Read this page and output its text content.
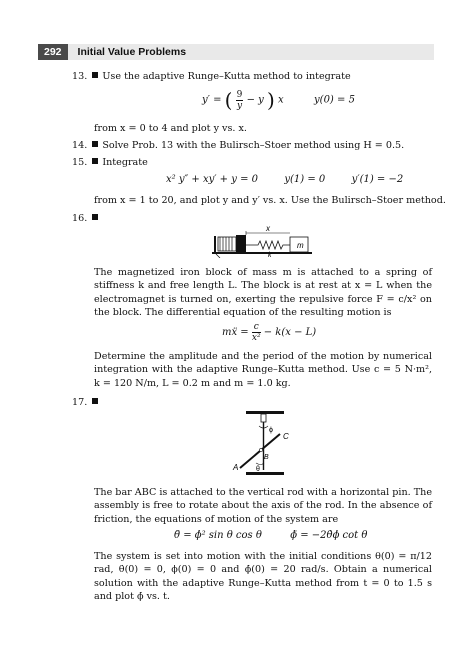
292	Initial Value Problems
13. Use the adaptive Runge–Kutta method to integrate
y′ = ( $\frac{9}{y} - y$ ) x	y(0) = 5
from x = 0 to 4 and plot y vs. x.
14. Solve Prob. 13 with the Bulirsch–Stoer method using H = 0.5.
15. Integrate
x² y″ + xy′ + y = 0	y(1) = 0	y′(1) = −2
from x = 1 to 20, and plot y and y′ vs. x. Use the Bulirsch–Stoer method.
16.
m
x
k
The magnetized iron block of mass m is attached to a spring of stiffness k and free length L. The block is at rest at x = L when the electromagnet is turned on, exerting the repulsive force F = c/x² on the block. The differential equation of the resulting motion is
mẍ = $\frac{c}{\text{x²}} - k(x - L)$
Determine the amplitude and the period of the motion by numerical integration with the adaptive Runge–Kutta method. Use c = 5 N·m², k = 120 N/m, L = 0.2 m and m = 1.0 kg.
17.
ϕ
C
B
A	θ
The bar ABC is attached to the vertical rod with a horizontal pin. The assembly is free to rotate about the axis of the rod. In the absence of friction, the equations of motion of the system are
θ̈ = ϕ̇² sin θ cos θ	ϕ̈ = −2θ̇ϕ̇ cot θ
The system is set into motion with the initial conditions θ(0) = π/12 rad, θ̇(0) = 0, ϕ(0) = 0 and ϕ̇(0) = 20 rad/s. Obtain a numerical solution with the adaptive Runge–Kutta method from t = 0 to 1.5 s and plot ϕ̇ vs. t.
